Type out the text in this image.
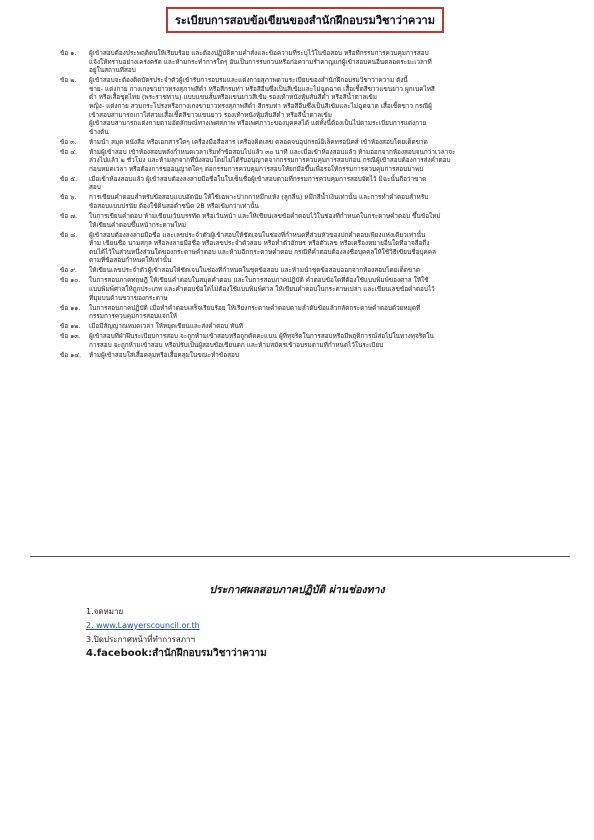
ระเบียบการสอบข้อเขียนของสำนักฝึกอบรมวิชาว่าความ
ข้อ ๑.	ผู้เข้าสอบต้องประพฤติตนให้เรียบร้อย และต้องปฏิบัติตามคำสั่งและข้อความที่ระบุไว้ในข้อสอบ หรือที่กรรมการควบคุมการสอบ

แจ้งให้ทราบอย่างเคร่งครัด และห้ามกระทำการใดๆ อันเป็นการรบกวนหรือก่อความรำคาญแก่ผู้เข้าสอบคนอื่นตลอดระยะเวลาที่

อยู่ในสถานที่สอบ

ข้อ ๒.	ผู้เข้าสอบจะต้องติดบัตรประจำตัวผู้เข้ารับการอบรมและแต่งกายสุภาพตามระเบียบของสำนักฝึกอบรมวิชาว่าความ ดังนี้

ชาย- แต่งกาย กางเกงขายาวทรงสุภาพสีดำ หรือสีกรมท่า หรือสีอื่นซึ่งเป็นสีเข้มและไม่ฉูดฉาด เสื้อเชิ้ตสีขาวแขนยาว ผูกเนคไทสี

ดำ หรือเสื้อชุดไทย (พระราชทาน) แบบแขนสั้นหรือแขนยาวสีเข้ม รองเท้าหนังหุ้มส้นสีดำ หรือสีน้ำตาลเข้ม

หญิง- แต่งกาย สวมกระโปรงหรือกางเกงขายาวทรงสุภาพสีดำ สีกรมท่า หรือสีอื่นซึ่งเป็นสีเข้มและไม่ฉูดฉาด เสื้อเชิ้ตขาว กรณีผู้

เข้าสอบสามารถเกาใส่สวมเสื้อเชิ้ตสีขาวแขนยาว รองเท้าหนังหุ้มส้นสีดำ หรือสีน้ำตาลเข้ม

ผู้เข้าสอบสามารถแต่งกายตามอัตลักษณ์ทางเพศสภาพ หรือเพศภาวะของบุคคลได้ แต่ทั้งนี้ต้องเป็นไปตามระเบียบการแต่งกาย

ข้างต้น

ข้อ ๓.	ห้ามนำ สมุด หนังสือ หรือเอกสารใดๆ เครื่องมือสื่อสาร เครื่องคิดเลข ตลอดจนอุปกรณ์อิเล็คทรอนิคส์ เข้าห้องสอบโดยเด็ดขาด

ข้อ ๔.	ห้ามผู้เข้าสอบ เข้าห้องสอบหลังกำหนดเวลาเริ่มทำข้อสอบไปแล้ว ๓๐ นาที และเมื่อเข้าห้องสอบแล้ว ห้ามออกจากห้องสอบจนกว่าเวลาจะ

ล่วงไปแล้ว ๒ ชั่วโมง และห้ามลุกจากที่นั่งสอบโดยไม่ได้รับอนุญาตจากกรรมการควบคุมการสอบก่อน กรณีผู้เข้าสอบต้องการส่งคำตอบ

ก่อนหมดเวลา หรือต้องการขออนุญาตใดๆ ต่อกรรมการควบคุมการสอบให้ยกมือขึ้นเพื่อรอให้กรรมการควบคุมการสอบมาพบ

ข้อ ๕.	เมื่อเข้าห้องสอบแล้ว ผู้เข้าสอบต้องลงลายมือชื่อในใบเซ็นชื่อผู้เข้าสอบตามที่กรรมการควบคุมการสอบจัดไว้ มิฉะนั้นถือว่าขาด

สอบ

ข้อ ๖.	การเขียนคำตอบสำหรับข้อสอบแบบอัตนัย ให้ใช้เฉพาะปากกาหมึกแห้ง (ลูกลื่น) หมึกสีน้ำเงินเท่านั้น และการทำคำตอบสำหรับ

ข้อสอบแบบปรนัย ต้องใช้ดินสอดำชนิด 2B หรือเข้มกว่าเท่านั้น

ข้อ ๗.	ในการเขียนคำตอบ ห้ามเขียนเว้นบรรทัด หรือเว้นหน้า และให้เขียนเลขข้อคำตอบไว้ในช่องที่กำหนดในกระดาษคำตอบ ขึ้นข้อใหม่

ให้เขียนคำตอบขึ้นหน้ากระดาษใหม่

ข้อ ๘.	ผู้เข้าสอบต้องลงลายมือชื่อ และเลขประจำตัวผู้เข้าสอบให้ชัดเจนในช่องที่กำหนดที่ส่วนหัวของปกคำตอบเพียงแห่งเดียวเท่านั้น

ห้าม เขียนชื่อ นามสกุล หรือลงลายมือชื่อ หรือเลขประจำตัวสอบ หรือทำตัวอักษร หรือตัวเลข หรือเครื่องหมายอื่นใดที่อาจสื่อถึง

ตนได้ไว้ในส่วนหนึ่งส่วนใดของกระดาษคำตอบ และห้ามฉีกกระดาษคำตอบ กรณีที่คำตอบต้องลงชื่อบุคคลให้ใช้วิธีเขียนชื่อบุคคล

ตามที่ข้อสอบกำหนดให้เท่านั้น

ข้อ ๙.	ให้เขียนเลขประจำตัวผู้เข้าสอบให้ชัดเจนในช่องที่กำหนดในชุดข้อสอบ และห้ามนำชุดข้อสอบออกจากห้องสอบโดยเด็ดขาด

ข้อ ๑๐.	ในการสอบภาคทฤษฎี ให้เขียนคำตอบในสมุดคำตอบ และในการสอบภาคปฏิบัติ คำตอบข้อใดที่ต้องใช้แบบพิมพ์ของศาล ให้ใช้

แบบพิมพ์ศาลให้ถูกประเภท และคำตอบข้อใดไม่ต้องใช้แบบพิมพ์ศาล ให้เขียนคำตอบในกระดาษเปล่า และเขียนเลขข้อคำตอบไว้

ที่มุมบนด้านขวาของกระดาษ

ข้อ ๑๑.	ในการสอบภาคปฏิบัติ เมื่อทำคำตอบเสร็จเรียบร้อย ให้เรียงกระดาษคำตอบตามลำดับข้อแล้วกลัดกระดาษคำตอบด้วยหมุดที่

กรรมการควบคุมการสอบแจกให้

ข้อ ๑๒.	เมื่อมีสัญญาณหมดเวลา ให้หยุดเขียนและส่งคำตอบ ทันที

ข้อ ๑๓.	ผู้เข้าสอบที่ฝ่าฝืนระเบียบการสอบ จะถูกห้ามเข้าสอบหรือถูกตัดคะแนน ผู้ที่ทุจริตในการสอบหรือมีพฤติการณ์ส่อไปในทางทุจริตใน

การสอบ จะถูกห้ามเข้าสอบ หรือปรับเป็นผู้สอบข้อเขียนตก และห้ามสมัครเข้าอบรมตามที่กำหนดไว้ในระเบียบ

ข้อ ๑๔.	ห้ามผู้เข้าสอบใส่เสื้อคลุมหรือเสื้อคลุมในขณะทำข้อสอบ

ประกาศผลสอบภาคปฏิบัติ ผ่านช่องทาง
1.จดหมาย
2. www.Lawyerscouncil.or.th
3.ปิดประกาศหน้าที่ทำการสภาฯ
4.facebook:สำนักฝึกอบรมวิชาว่าความ
